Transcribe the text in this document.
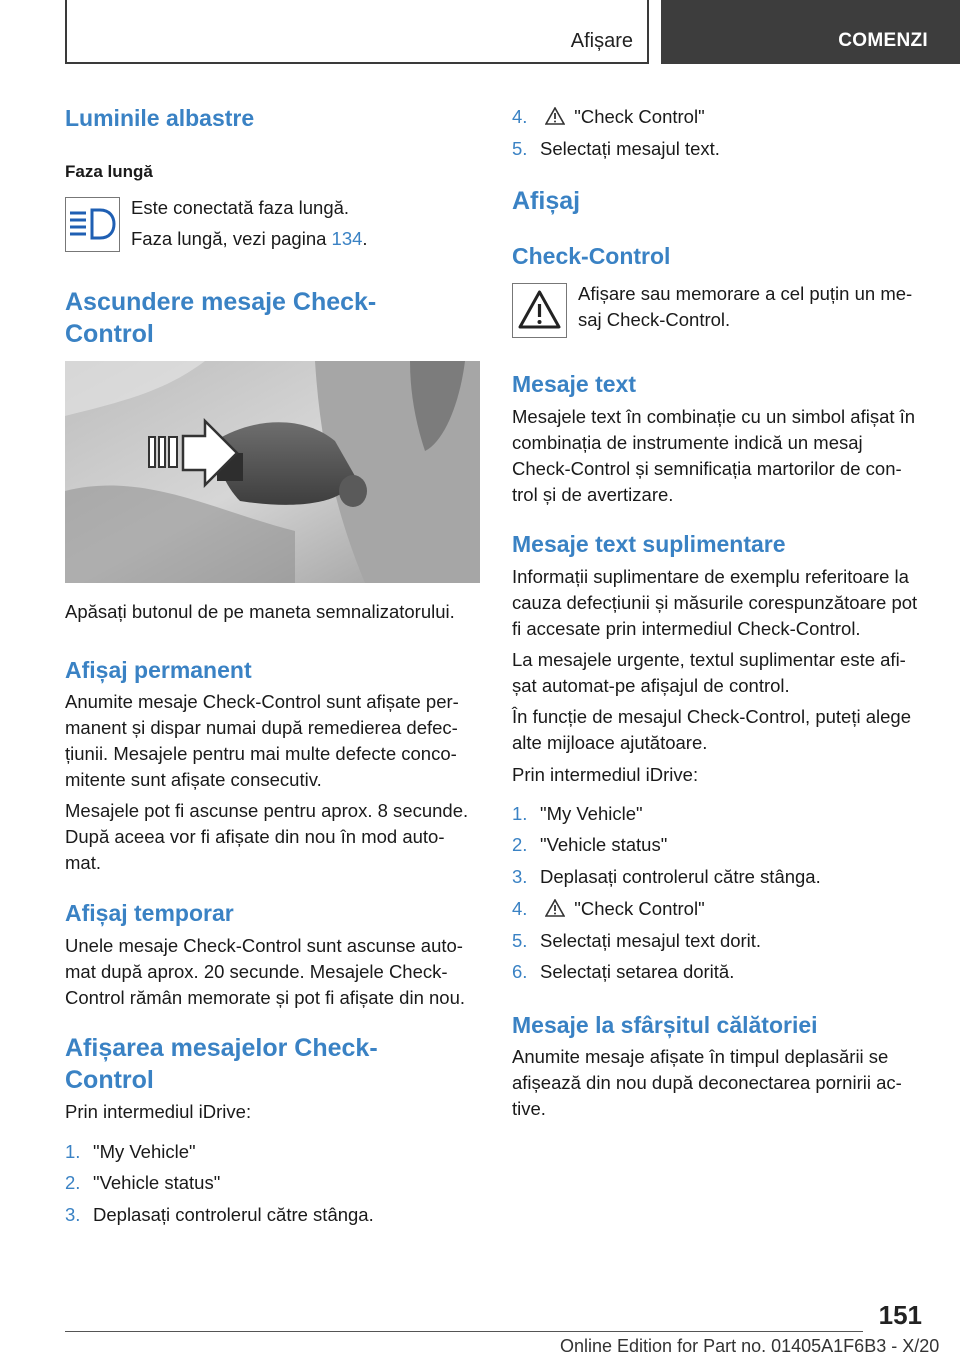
Afișare	COMENZI
Luminile albastre
Faza lungă
Este conectată faza lungă.
Faza lungă, vezi pagina 134.
Ascundere mesaje Check-
Control
Apăsați butonul de pe maneta semnalizatorului.
Afișaj permanent
Anumite mesaje Check-Control sunt afișate per-
manent și dispar numai după remedierea defec-
țiunii. Mesajele pentru mai multe defecte conco-
mitente sunt afișate consecutiv.
Mesajele pot fi ascunse pentru aprox. 8 secunde.
După aceea vor fi afișate din nou în mod auto-
mat.
Afișaj temporar
Unele mesaje Check-Control sunt ascunse auto-
mat după aprox. 20 secunde. Mesajele Check-
Control rămân memorate și pot fi afișate din nou.
Afișarea mesajelor Check-
Control
Prin intermediul iDrive:
1. "My Vehicle"
2. "Vehicle status"
3. Deplasați controlerul către stânga.
4.	"Check Control"
5. Selectați mesajul text.
Afișaj
Check-Control
Afișare sau memorare a cel puțin un me-
saj Check-Control.
Mesaje text
Mesajele text în combinație cu un simbol afișat în
combinația de instrumente indică un mesaj
Check-Control și semnificația martorilor de con-
trol și de avertizare.
Mesaje text suplimentare
Informații suplimentare de exemplu referitoare la
cauza defecțiunii și măsurile corespunzătoare pot
fi accesate prin intermediul Check-Control.
La mesajele urgente, textul suplimentar este afi-
șat automat-pe afișajul de control.
În funcție de mesajul Check-Control, puteți alege
alte mijloace ajutătoare.
Prin intermediul iDrive:
1. "My Vehicle"
2. "Vehicle status"
3. Deplasați controlerul către stânga.
4.	"Check Control"
5. Selectați mesajul text dorit.
6. Selectați setarea dorită.
Mesaje la sfârșitul călătoriei
Anumite mesaje afișate în timpul deplasării se
afișează din nou după deconectarea pornirii ac-
tive.
151
Online Edition for Part no. 01405A1F6B3 - X/20
